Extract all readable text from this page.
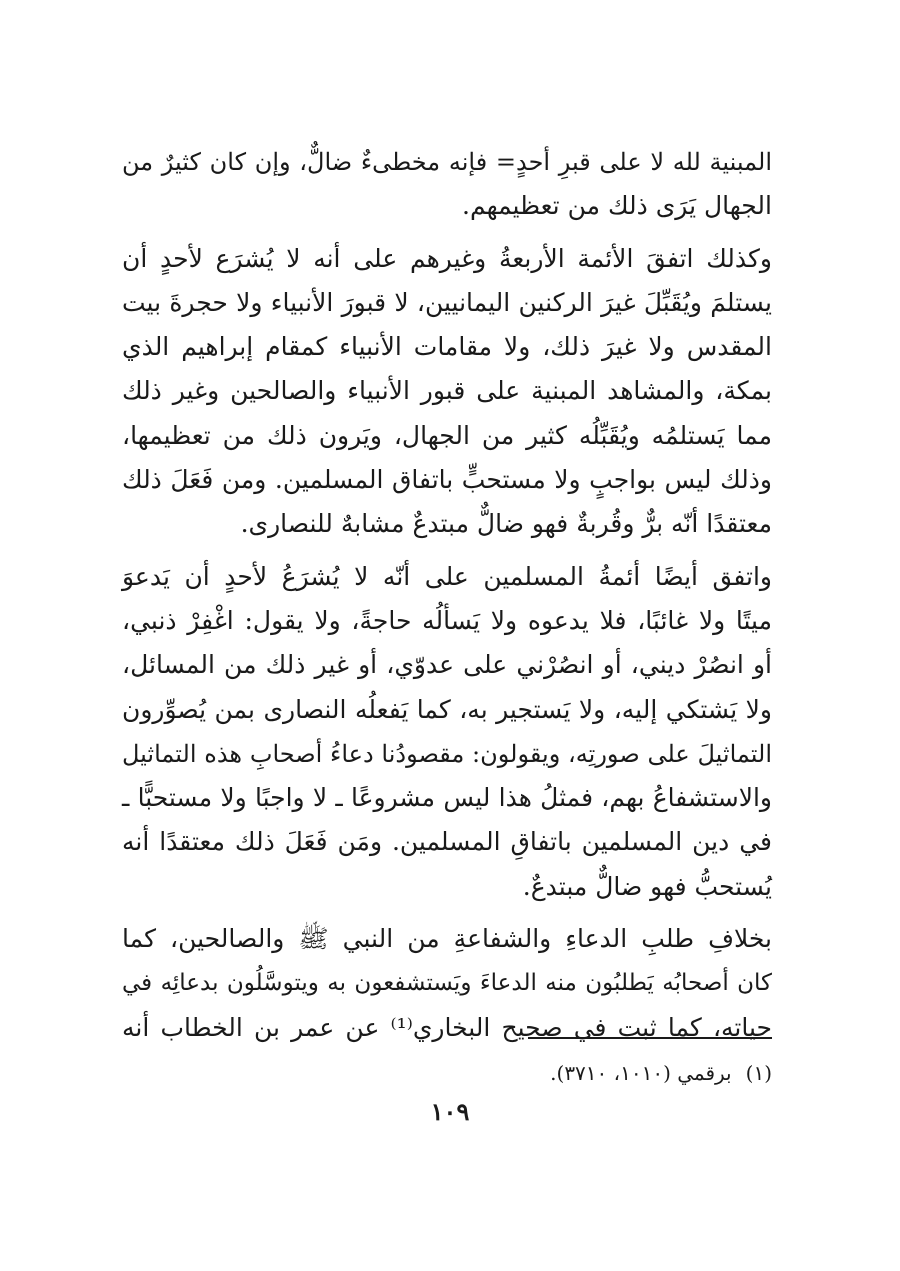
المبنية لله لا على قبرِ أحدٍ= فإنه مخطىءٌ ضالٌّ، وإن كان كثيرٌ من
الجهال يَرَى ذلك من تعظيمهم.
وكذلك اتفقَ الأئمة الأربعةُ وغيرهم على أنه لا يُشرَع لأحدٍ أن
يستلمَ ويُقَبِّلَ غيرَ الركنين اليمانيين، لا قبورَ الأنبياء ولا حجرةَ بيت
المقدس ولا غيرَ ذلك، ولا مقامات الأنبياء كمقام إبراهيم الذي
بمكة، والمشاهد المبنية على قبور الأنبياء والصالحين وغير ذلك
مما يَستلمُه ويُقَبِّلُه كثير من الجهال، ويَرون ذلك من تعظيمها،
وذلك ليس بواجبٍ ولا مستحبٍّ باتفاق المسلمين. ومن فَعَلَ ذلك
معتقدًا أنّه برٌّ وقُربةٌ فهو ضالٌّ مبتدعٌ مشابهٌ للنصارى.
واتفق أيضًا أئمةُ المسلمين على أنّه لا يُشرَعُ لأحدٍ أن يَدعوَ
ميتًا ولا غائبًا، فلا يدعوه ولا يَسألُه حاجةً، ولا يقول: اغْفِرْ ذنبي،
أو انصُرْ ديني، أو انصُرْني على عدوّي، أو غير ذلك من المسائل،
ولا يَشتكي إليه، ولا يَستجير به، كما يَفعلُه النصارى بمن يُصوِّرون
التماثيلَ على صورتِه، ويقولون: مقصودُنا دعاءُ أصحابِ هذه التماثيل
والاستشفاعُ بهم، فمثلُ هذا ليس مشروعًا ـ لا واجبًا ولا مستحبًّا ـ
في دين المسلمين باتفاقِ المسلمين. ومَن فَعَلَ ذلك معتقدًا أنه
يُستحبُّ فهو ضالٌّ مبتدعٌ.
بخلافِ طلبِ الدعاءِ والشفاعةِ من النبي ﷺ والصالحين، كما
كان أصحابُه يَطلبُون منه الدعاءَ ويَستشفعون به ويتوسَّلُون بدعائِه في
حياته، كما ثبت في صحيح البخاري⁽¹⁾ عن عمر بن الخطاب أنه
(١)برقمي (١٠١٠، ٣٧١٠).
١٠٩
